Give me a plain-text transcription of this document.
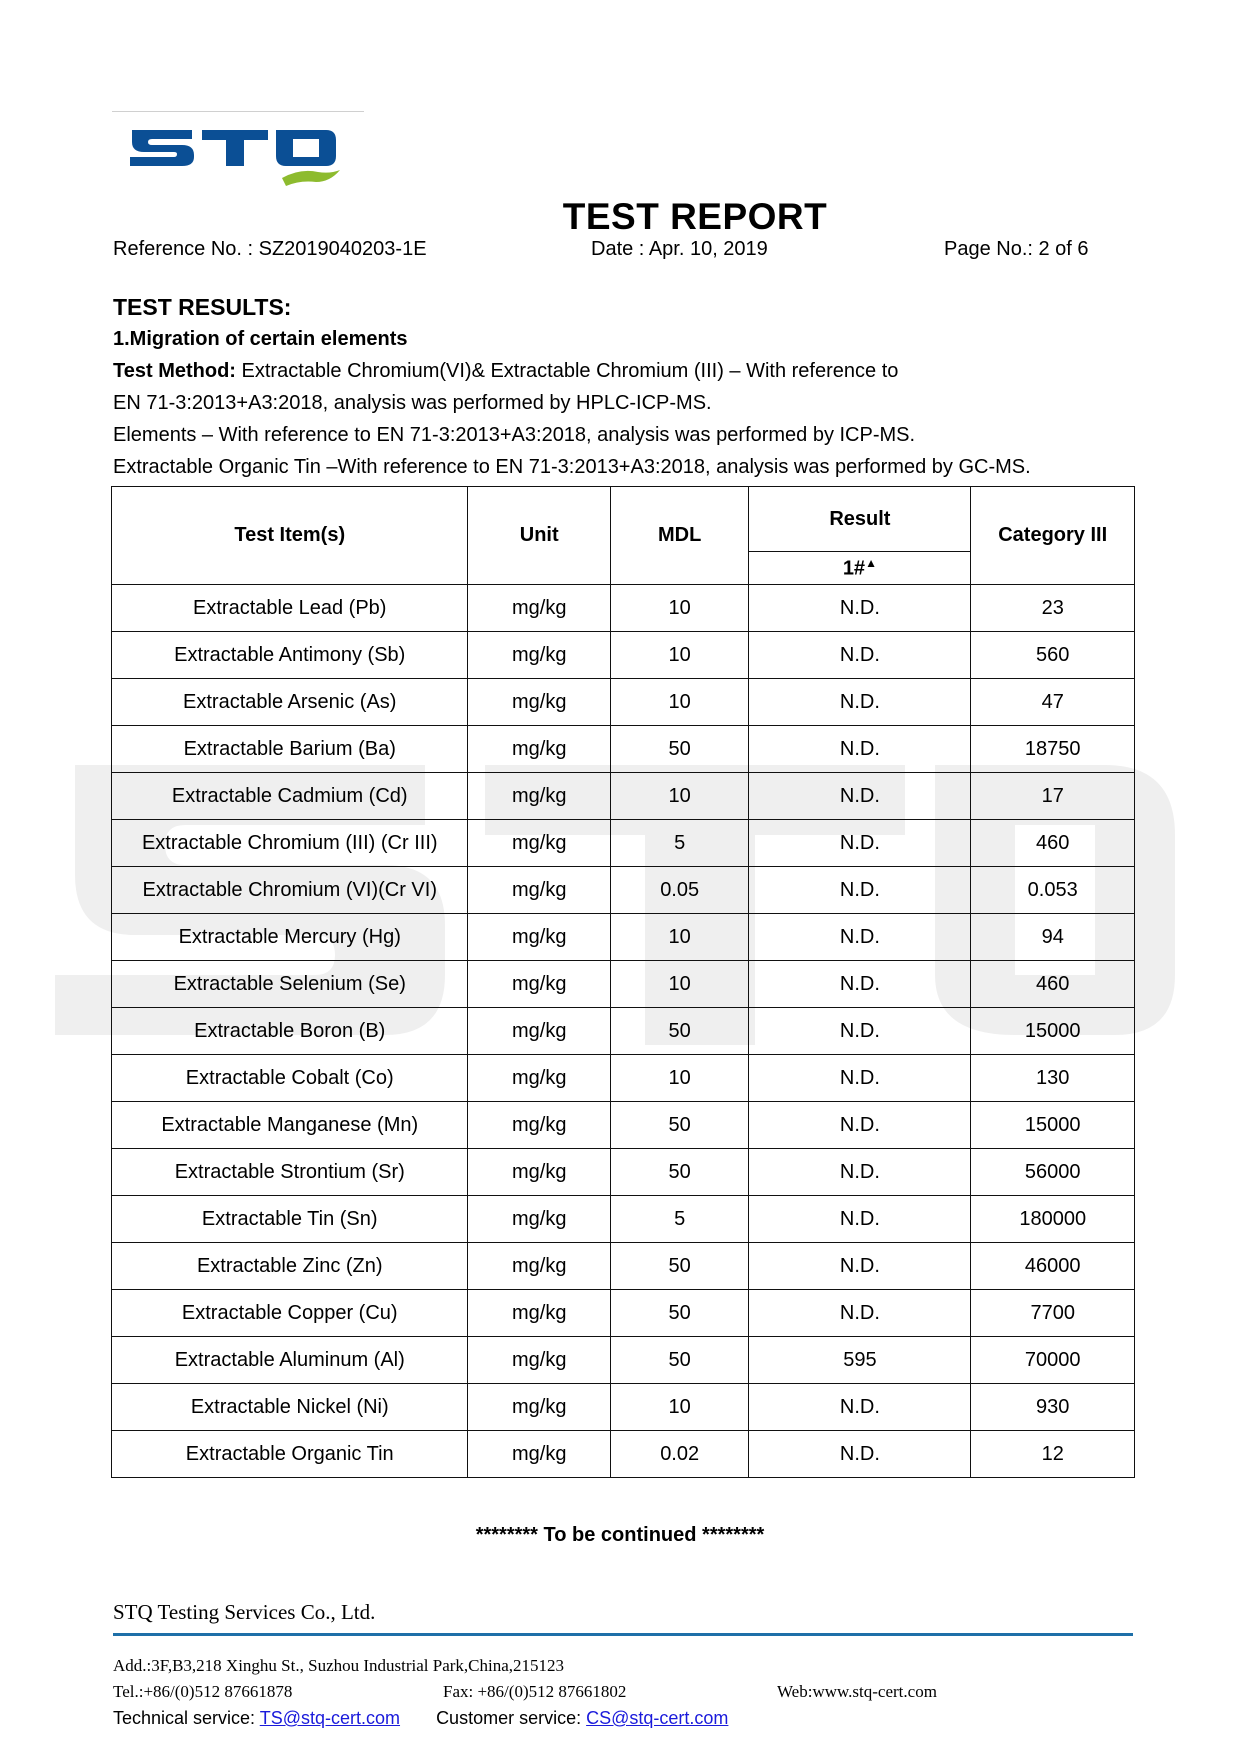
TEST REPORT
Reference No. : SZ2019040203-1E	Date : Apr. 10, 2019	Page No.: 2 of 6
TEST RESULTS:
1.Migration of certain elements
Test Method: Extractable Chromium(VI)& Extractable Chromium (III) – With reference to
EN 71-3:2013+A3:2018, analysis was performed by HPLC-ICP-MS.
Elements – With reference to EN 71-3:2013+A3:2018, analysis was performed by ICP-MS.
Extractable Organic Tin –With reference to EN 71-3:2013+A3:2018, analysis was performed by GC-MS.
Test Item(s)	Unit	MDL	Result	Category III
			1#▲
Extractable Lead (Pb)	mg/kg	10	N.D.	23
Extractable Antimony (Sb)	mg/kg	10	N.D.	560
Extractable Arsenic (As)	mg/kg	10	N.D.	47
Extractable Barium (Ba)	mg/kg	50	N.D.	18750
Extractable Cadmium (Cd)	mg/kg	10	N.D.	17
Extractable Chromium (III) (Cr III)	mg/kg	5	N.D.	460
Extractable Chromium (VI)(Cr VI)	mg/kg	0.05	N.D.	0.053
Extractable Mercury (Hg)	mg/kg	10	N.D.	94
Extractable Selenium (Se)	mg/kg	10	N.D.	460
Extractable Boron (B)	mg/kg	50	N.D.	15000
Extractable Cobalt (Co)	mg/kg	10	N.D.	130
Extractable Manganese (Mn)	mg/kg	50	N.D.	15000
Extractable Strontium (Sr)	mg/kg	50	N.D.	56000
Extractable Tin (Sn)	mg/kg	5	N.D.	180000
Extractable Zinc (Zn)	mg/kg	50	N.D.	46000
Extractable Copper (Cu)	mg/kg	50	N.D.	7700
Extractable Aluminum (Al)	mg/kg	50	595	70000
Extractable Nickel (Ni)	mg/kg	10	N.D.	930
Extractable Organic Tin	mg/kg	0.02	N.D.	12
******** To be continued ********
STQ Testing Services Co., Ltd.
Add.:3F,B3,218 Xinghu St., Suzhou Industrial Park,China,215123
Tel.:+86/(0)512 87661878	Fax: +86/(0)512 87661802	Web:www.stq-cert.com
Technical service: TS@stq-cert.com Customer service: CS@stq-cert.com
